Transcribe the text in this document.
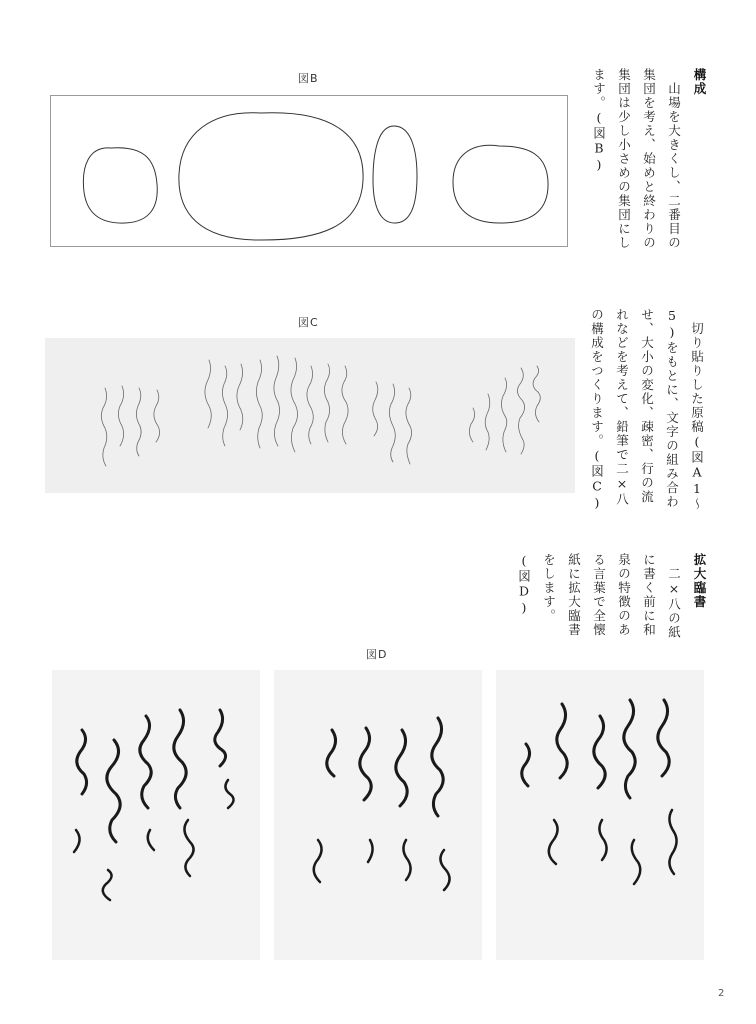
構成
山場を大きくし、二番目の
集団を考え、始めと終わりの
集団は少し小さめの集団にし
ます。(図B)
切り貼りした原稿(図A1〜
5)をもとに、文字の組み合わ
せ、大小の変化、疎密、行の流
れなどを考えて、鉛筆で二×八
の構成をつくります。(図C)
拡大臨書
二×八の紙
に書く前に和
泉の特徴のあ
る言葉で全懐
紙に拡大臨書
をします。
(図D)
図B
図C
図D
2
